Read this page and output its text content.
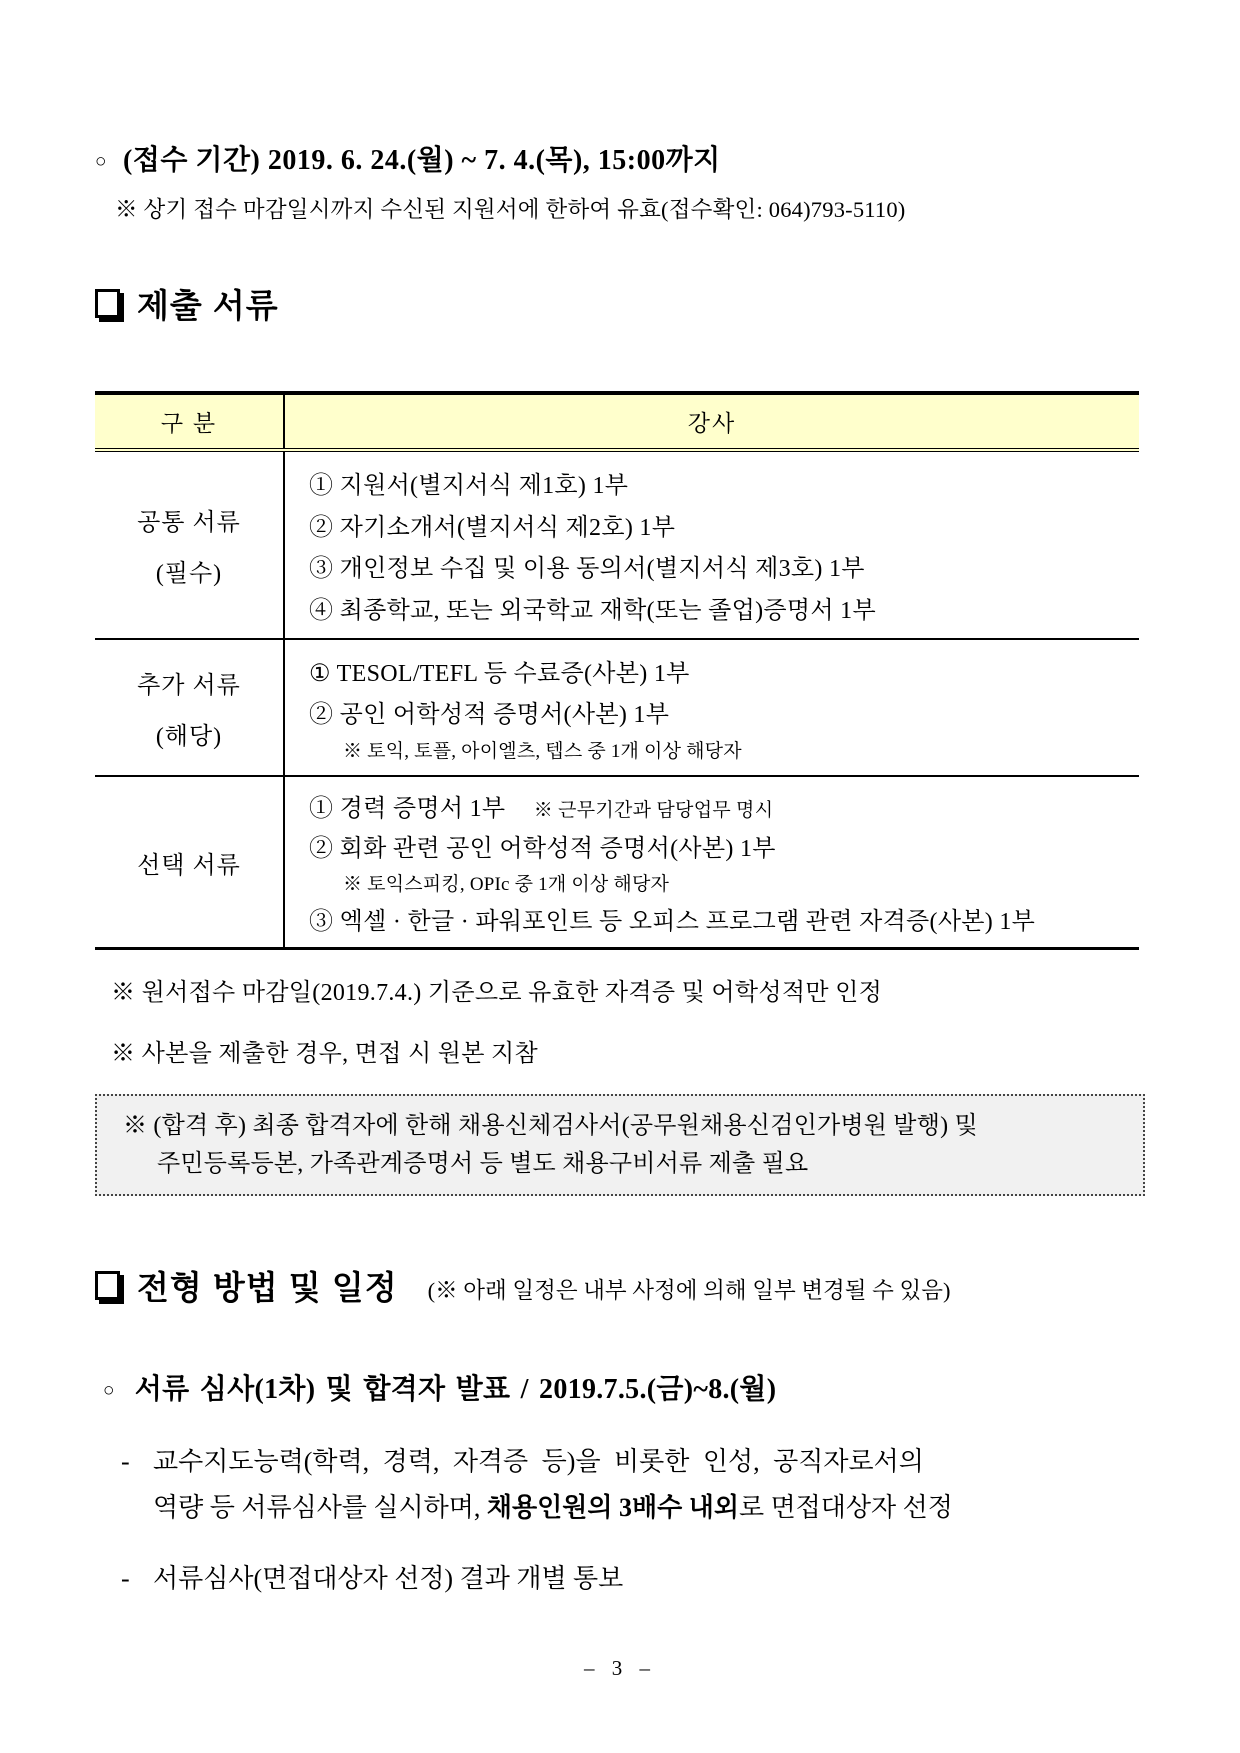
○ (접수 기간) 2019. 6. 24.(월) ~ 7. 4.(목), 15:00까지
※ 상기 접수 마감일시까지 수신된 지원서에 한하여 유효(접수확인: 064)793-5110)
제출 서류
구 분	강사
공통 서류
(필수)
① 지원서(별지서식 제1호) 1부
② 자기소개서(별지서식 제2호) 1부
③ 개인정보 수집 및 이용 동의서(별지서식 제3호) 1부
④ 최종학교, 또는 외국학교 재학(또는 졸업)증명서 1부
추가 서류
(해당)
① TESOL/TEFL 등 수료증(사본) 1부
② 공인 어학성적 증명서(사본) 1부
※ 토익, 토플, 아이엘츠, 텝스 중 1개 이상 해당자
선택 서류
① 경력 증명서 1부 ※ 근무기간과 담당업무 명시
② 회화 관련 공인 어학성적 증명서(사본) 1부
※ 토익스피킹, OPIc 중 1개 이상 해당자
③ 엑셀 · 한글 · 파워포인트 등 오피스 프로그램 관련 자격증(사본) 1부
※ 원서접수 마감일(2019.7.4.) 기준으로 유효한 자격증 및 어학성적만 인정
※ 사본을 제출한 경우, 면접 시 원본 지참
※ (합격 후) 최종 합격자에 한해 채용신체검사서(공무원채용신검인가병원 발행) 및
주민등록등본, 가족관계증명서 등 별도 채용구비서류 제출 필요
전형 방법 및 일정 (※ 아래 일정은 내부 사정에 의해 일부 변경될 수 있음)
○ 서류 심사(1차) 및 합격자 발표 / 2019.7.5.(금)~8.(월)
- 교수지도능력(학력, 경력, 자격증 등)을 비롯한 인성, 공직자로서의
역량 등 서류심사를 실시하며, 채용인원의 3배수 내외로 면접대상자 선정
- 서류심사(면접대상자 선정) 결과 개별 통보
– 3 –
